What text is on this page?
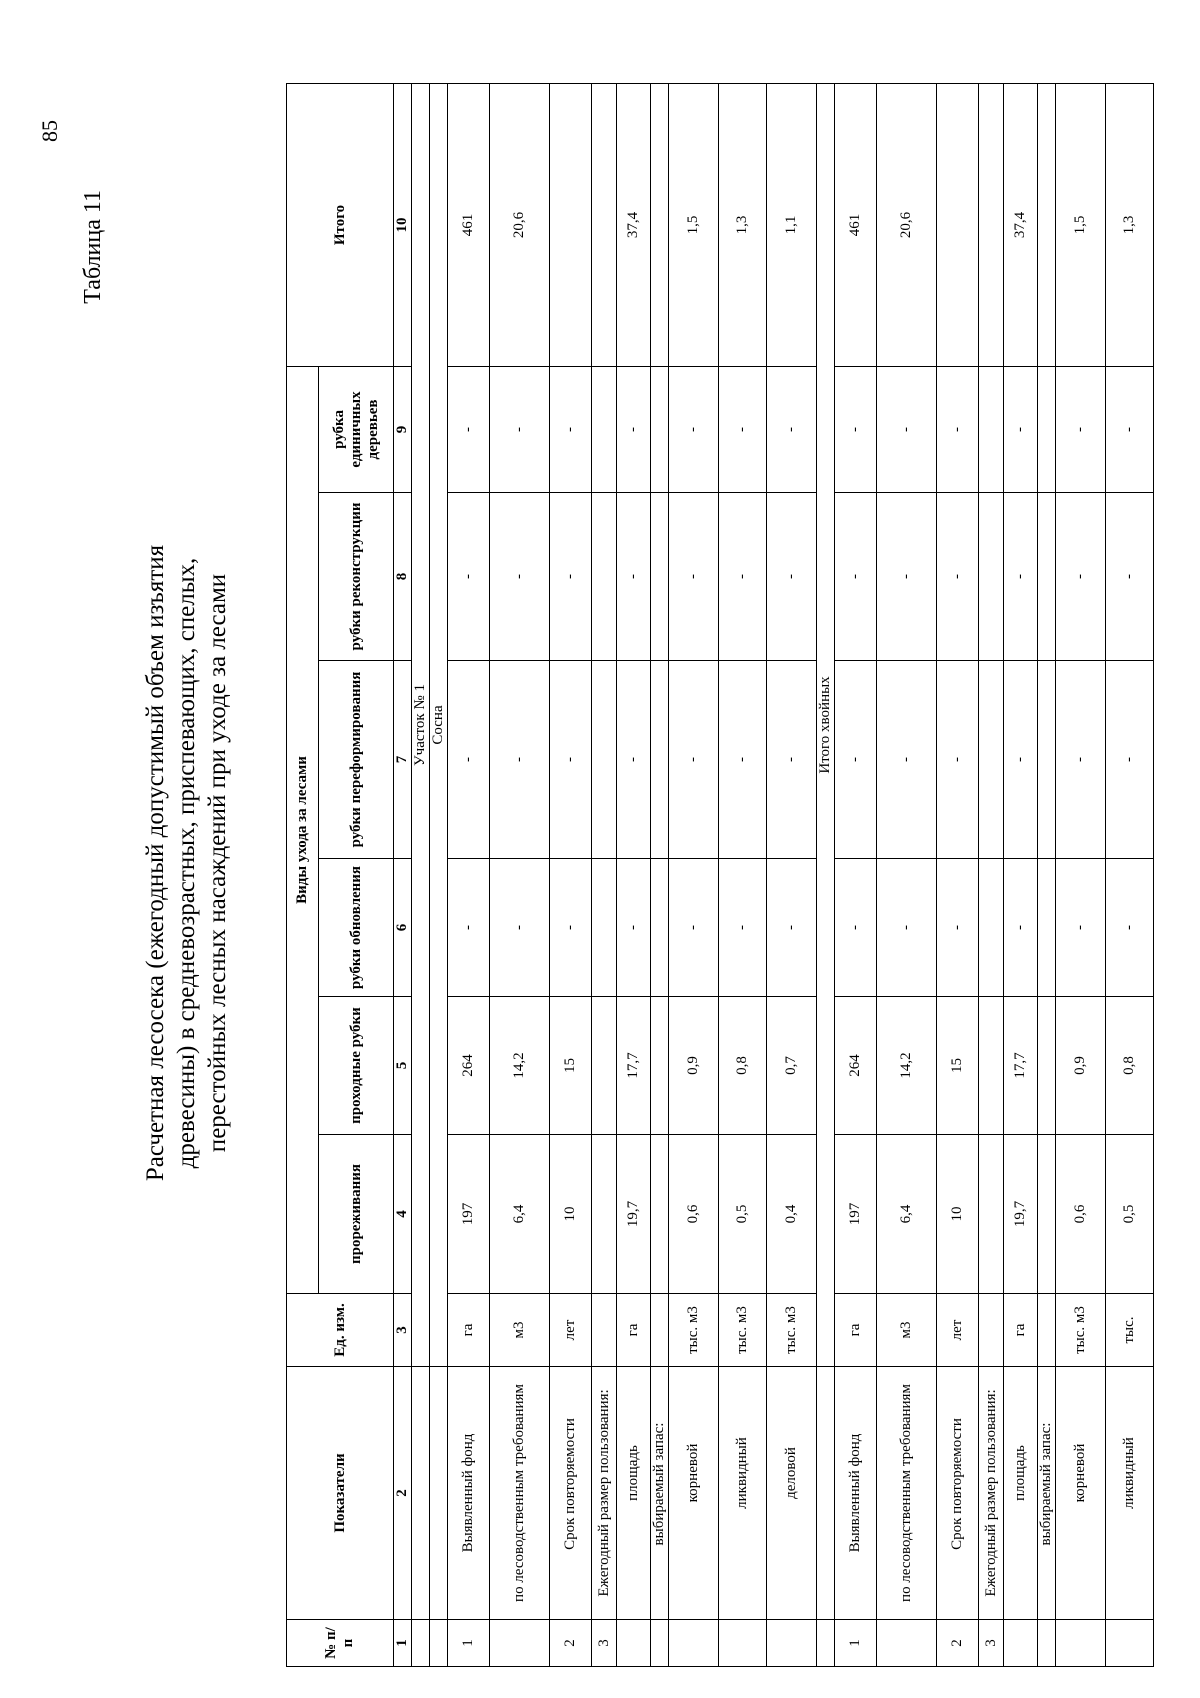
85
Таблица 11
Расчетная лесосека (ежегодный допустимый объем изъятия древесины) в средневозрастных, приспевающих, спелых, перестойных лесных насаждений при уходе за лесами
№ п/п	Показатели	Ед. изм.	Виды ухода за лесами						Итого
			прореживания	проходные рубки	рубки обновления	рубки переформирования	рубки реконструкции	рубка единичных деревьев	
1	2	3	4	5	6	7	8	9	10
		Участок № 1							
		Сосна							
1	Выявленный фонд	га	197	264	-	-	-	-	461
	по лесоводственным требованиям	м3	6,4	14,2	-	-	-	-	20,6
2	Срок повторяемости	лет	10	15	-	-	-	-	
3	Ежегодный размер пользования:								
	площадь	га	19,7	17,7	-	-	-	-	37,4
	выбираемый запас:								
	корневой	тыс. м3	0,6	0,9	-	-	-	-	1,5
	ликвидный	тыс. м3	0,5	0,8	-	-	-	-	1,3
	деловой	тыс. м3	0,4	0,7	-	-	-	-	1,1
		Итого хвойных							
1	Выявленный фонд	га	197	264	-	-	-	-	461
	по лесоводственным требованиям	м3	6,4	14,2	-	-	-	-	20,6
2	Срок повторяемости	лет	10	15	-	-	-	-	
3	Ежегодный размер пользования:								
	площадь	га	19,7	17,7	-	-	-	-	37,4
	выбираемый запас:								
	корневой	тыс. м3	0,6	0,9	-	-	-	-	1,5
	ликвидный	тыс.	0,5	0,8	-	-	-	-	1,3
